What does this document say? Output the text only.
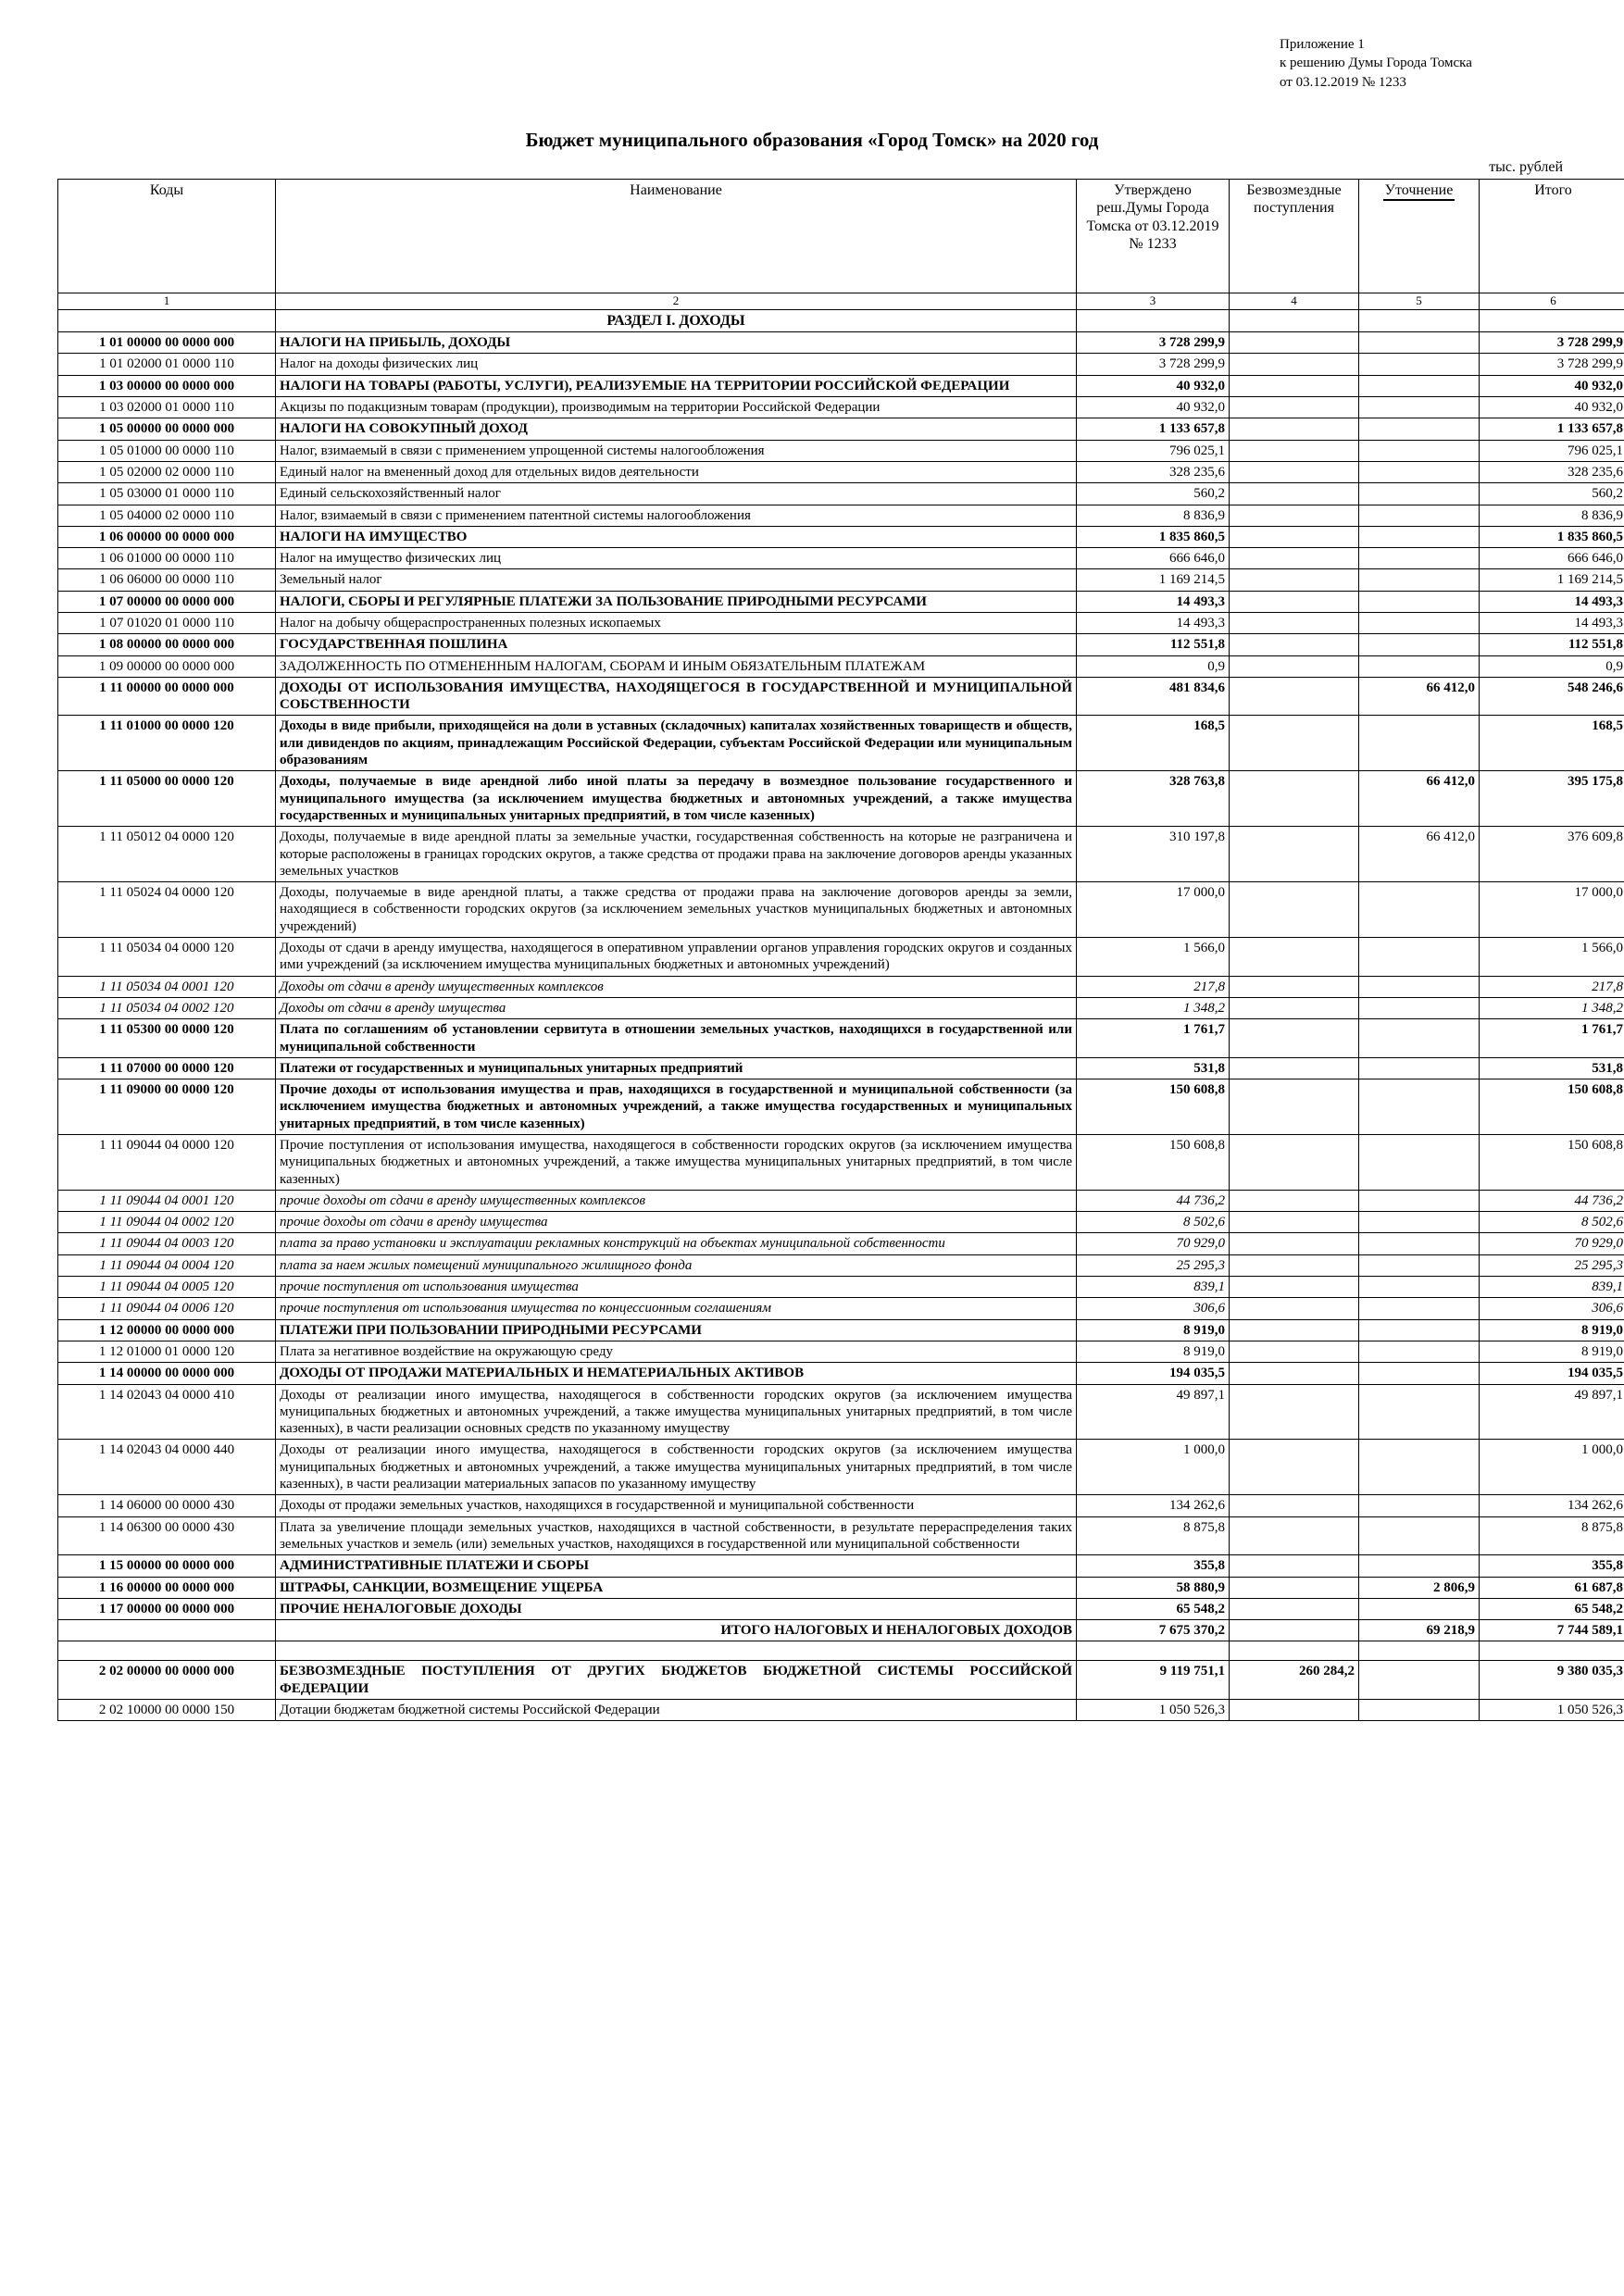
Приложение 1
к решению Думы Города Томска
от 03.12.2019 № 1233
Бюджет муниципального образования «Город Томск» на 2020 год
тыс. рублей
Коды	Наименование	Утверждено реш.Думы Города Томска от 03.12.2019 № 1233	Безвозмездные поступления	Уточнение	Итого
1	2	3	4	5	6
	РАЗДЕЛ I. ДОХОДЫ				
1 01 00000 00 0000 000	НАЛОГИ НА ПРИБЫЛЬ, ДОХОДЫ	3 728 299,9			3 728 299,9
1 01 02000 01 0000 110	Налог на доходы физических лиц	3 728 299,9			3 728 299,9
1 03 00000 00 0000 000	НАЛОГИ НА ТОВАРЫ (РАБОТЫ, УСЛУГИ), РЕАЛИЗУЕМЫЕ НА ТЕРРИТОРИИ РОССИЙСКОЙ ФЕДЕРАЦИИ	40 932,0			40 932,0
1 03 02000 01 0000 110	Акцизы по подакцизным товарам (продукции), производимым на территории Российской Федерации	40 932,0			40 932,0
1 05 00000 00 0000 000	НАЛОГИ НА СОВОКУПНЫЙ ДОХОД	1 133 657,8			1 133 657,8
1 05 01000 00 0000 110	Налог, взимаемый в связи с применением упрощенной системы налогообложения	796 025,1			796 025,1
1 05 02000 02 0000 110	Единый налог на вмененный доход для отдельных видов деятельности	328 235,6			328 235,6
1 05 03000 01 0000 110	Единый сельскохозяйственный налог	560,2			560,2
1 05 04000 02 0000 110	Налог, взимаемый в связи с применением патентной системы налогообложения	8 836,9			8 836,9
1 06 00000 00 0000 000	НАЛОГИ НА ИМУЩЕСТВО	1 835 860,5			1 835 860,5
1 06 01000 00 0000 110	Налог на имущество физических лиц	666 646,0			666 646,0
1 06 06000 00 0000 110	Земельный налог	1 169 214,5			1 169 214,5
1 07 00000 00 0000 000	НАЛОГИ, СБОРЫ И РЕГУЛЯРНЫЕ ПЛАТЕЖИ ЗА ПОЛЬЗОВАНИЕ ПРИРОДНЫМИ РЕСУРСАМИ	14 493,3			14 493,3
1 07 01020 01 0000 110	Налог на добычу общераспространенных полезных ископаемых	14 493,3			14 493,3
1 08 00000 00 0000 000	ГОСУДАРСТВЕННАЯ ПОШЛИНА	112 551,8			112 551,8
1 09 00000 00 0000 000	ЗАДОЛЖЕННОСТЬ ПО ОТМЕНЕННЫМ НАЛОГАМ, СБОРАМ И ИНЫМ ОБЯЗАТЕЛЬНЫМ ПЛАТЕЖАМ	0,9			0,9
1 11 00000 00 0000 000	ДОХОДЫ ОТ ИСПОЛЬЗОВАНИЯ ИМУЩЕСТВА, НАХОДЯЩЕГОСЯ В ГОСУДАРСТВЕННОЙ И МУНИЦИПАЛЬНОЙ СОБСТВЕННОСТИ	481 834,6		66 412,0	548 246,6
1 11 01000 00 0000 120	Доходы в виде прибыли, приходящейся на доли в уставных (складочных) капиталах хозяйственных товариществ и обществ, или дивидендов по акциям, принадлежащим Российской Федерации, субъектам Российской Федерации или муниципальным образованиям	168,5			168,5
1 11 05000 00 0000 120	Доходы, получаемые в виде арендной либо иной платы за передачу в возмездное пользование государственного и муниципального имущества (за исключением имущества бюджетных и автономных учреждений, а также имущества государственных и муниципальных унитарных предприятий, в том числе казенных)	328 763,8		66 412,0	395 175,8
1 11 05012 04 0000 120	Доходы, получаемые в виде арендной платы за земельные участки, государственная собственность на которые не разграничена и которые расположены в границах городских округов, а также средства от продажи права на заключение договоров аренды указанных земельных участков	310 197,8		66 412,0	376 609,8
1 11 05024 04 0000 120	Доходы, получаемые в виде арендной платы, а также средства от продажи права на заключение договоров аренды за земли, находящиеся в собственности городских округов (за исключением земельных участков муниципальных бюджетных и автономных учреждений)	17 000,0			17 000,0
1 11 05034 04 0000 120	Доходы от сдачи в аренду имущества, находящегося в оперативном управлении органов управления городских округов и созданных ими учреждений (за исключением имущества муниципальных бюджетных и автономных учреждений)	1 566,0			1 566,0
1 11 05034 04 0001 120	Доходы от сдачи в аренду имущественных комплексов	217,8			217,8
1 11 05034 04 0002 120	Доходы от сдачи в аренду имущества	1 348,2			1 348,2
1 11 05300 00 0000 120	Плата по соглашениям об установлении сервитута в отношении земельных участков, находящихся в государственной или муниципальной собственности	1 761,7			1 761,7
1 11 07000 00 0000 120	Платежи от государственных и муниципальных унитарных предприятий	531,8			531,8
1 11 09000 00 0000 120	Прочие доходы от использования имущества и прав, находящихся в государственной и муниципальной собственности (за исключением имущества бюджетных и автономных учреждений, а также имущества государственных и муниципальных унитарных предприятий, в том числе казенных)	150 608,8			150 608,8
1 11 09044 04 0000 120	Прочие поступления от использования имущества, находящегося в собственности городских округов (за исключением имущества муниципальных бюджетных и автономных учреждений, а также имущества муниципальных унитарных предприятий, в том числе казенных)	150 608,8			150 608,8
1 11 09044 04 0001 120	прочие доходы от сдачи в аренду имущественных комплексов	44 736,2			44 736,2
1 11 09044 04 0002 120	прочие доходы от сдачи в аренду имущества	8 502,6			8 502,6
1 11 09044 04 0003 120	плата за право установки и эксплуатации рекламных конструкций на объектах муниципальной собственности	70 929,0			70 929,0
1 11 09044 04 0004 120	плата за наем жилых помещений муниципального жилищного фонда	25 295,3			25 295,3
1 11 09044 04 0005 120	прочие поступления от использования имущества	839,1			839,1
1 11 09044 04 0006 120	прочие поступления от использования имущества по концессионным соглашениям	306,6			306,6
1 12 00000 00 0000 000	ПЛАТЕЖИ ПРИ ПОЛЬЗОВАНИИ ПРИРОДНЫМИ РЕСУРСАМИ	8 919,0			8 919,0
1 12 01000 01 0000 120	Плата за негативное воздействие на окружающую среду	8 919,0			8 919,0
1 14 00000 00 0000 000	ДОХОДЫ ОТ ПРОДАЖИ МАТЕРИАЛЬНЫХ И НЕМАТЕРИАЛЬНЫХ АКТИВОВ	194 035,5			194 035,5
1 14 02043 04 0000 410	Доходы от реализации иного имущества, находящегося в собственности городских округов (за исключением имущества муниципальных бюджетных и автономных учреждений, а также имущества муниципальных унитарных предприятий, в том числе казенных), в части реализации основных средств по указанному имуществу	49 897,1			49 897,1
1 14 02043 04 0000 440	Доходы от реализации иного имущества, находящегося в собственности городских округов (за исключением имущества муниципальных бюджетных и автономных учреждений, а также имущества муниципальных унитарных предприятий, в том числе казенных), в части реализации материальных запасов по указанному имуществу	1 000,0			1 000,0
1 14 06000 00 0000 430	Доходы от продажи земельных участков, находящихся в государственной и муниципальной собственности	134 262,6			134 262,6
1 14 06300 00 0000 430	Плата за увеличение площади земельных участков, находящихся в частной собственности, в результате перераспределения таких земельных участков и земель (или) земельных участков, находящихся в государственной или муниципальной собственности	8 875,8			8 875,8
1 15 00000 00 0000 000	АДМИНИСТРАТИВНЫЕ ПЛАТЕЖИ И СБОРЫ	355,8			355,8
1 16 00000 00 0000 000	ШТРАФЫ, САНКЦИИ, ВОЗМЕЩЕНИЕ УЩЕРБА	58 880,9		2 806,9	61 687,8
1 17 00000 00 0000 000	ПРОЧИЕ НЕНАЛОГОВЫЕ ДОХОДЫ	65 548,2			65 548,2
	ИТОГО НАЛОГОВЫХ И НЕНАЛОГОВЫХ ДОХОДОВ	7 675 370,2		69 218,9	7 744 589,1

2 02 00000 00 0000 000	БЕЗВОЗМЕЗДНЫЕ ПОСТУПЛЕНИЯ ОТ ДРУГИХ БЮДЖЕТОВ БЮДЖЕТНОЙ СИСТЕМЫ РОССИЙСКОЙ ФЕДЕРАЦИИ	9 119 751,1	260 284,2		9 380 035,3
2 02 10000 00 0000 150	Дотации бюджетам бюджетной системы Российской Федерации	1 050 526,3			1 050 526,3
